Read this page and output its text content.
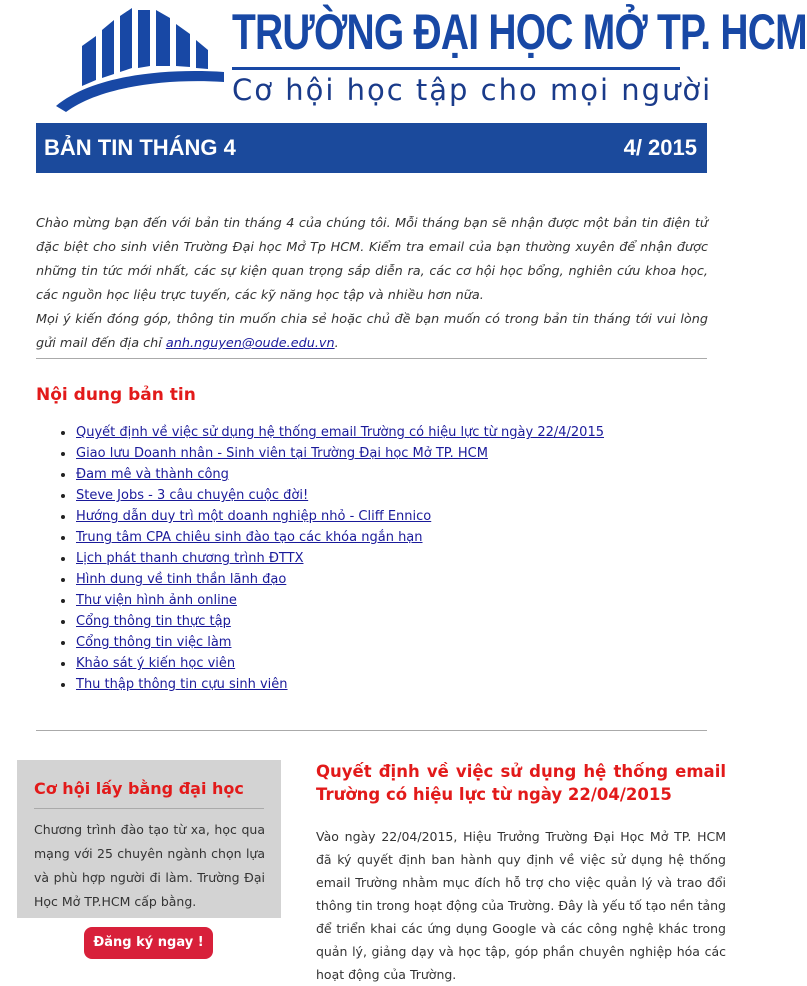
TRƯỜNG ĐẠI HỌC MỞ TP. HCM
Cơ hội học tập cho mọi người
BẢN TIN THÁNG 4	4/ 2015
Chào mừng bạn đến với bản tin tháng 4 của chúng tôi. Mỗi tháng bạn sẽ nhận được một bản tin điện tử đặc biệt cho sinh viên Trường Đại học Mở Tp HCM. Kiểm tra email của bạn thường xuyên để nhận được những tin tức mới nhất, các sự kiện quan trọng sắp diễn ra, các cơ hội học bổng, nghiên cứu khoa học, các nguồn học liệu trực tuyến, các kỹ năng học tập và nhiều hơn nữa.
Mọi ý kiến đóng góp, thông tin muốn chia sẻ hoặc chủ đề bạn muốn có trong bản tin tháng tới vui lòng gửi mail đến địa chỉ anh.nguyen@oude.edu.vn.
Nội dung bản tin
Quyết định về việc sử dụng hệ thống email Trường có hiệu lực từ ngày 22/4/2015
Giao lưu Doanh nhân - Sinh viên tại Trường Đại học Mở TP. HCM
Đam mê và thành công
Steve Jobs - 3 câu chuyện cuộc đời!
Hướng dẫn duy trì một doanh nghiệp nhỏ - Cliff Ennico
Trung tâm CPA chiêu sinh đào tạo các khóa ngắn hạn
Lịch phát thanh chương trình ĐTTX
Hình dung về tinh thần lãnh đạo
Thư viện hình ảnh online
Cổng thông tin thực tập
Cổng thông tin việc làm
Khảo sát ý kiến học viên
Thu thập thông tin cựu sinh viên
Cơ hội lấy bằng đại học
Chương trình đào tạo từ xa, học qua mạng với 25 chuyên ngành chọn lựa và phù hợp người đi làm. Trường Đại Học Mở TP.HCM cấp bằng.
Đăng ký ngay !
Quyết định về việc sử dụng hệ thống email Trường có hiệu lực từ ngày 22/04/2015
Vào ngày 22/04/2015, Hiệu Trưởng Trường Đại Học Mở TP. HCM đã ký quyết định ban hành quy định về việc sử dụng hệ thống email Trường nhằm mục đích hỗ trợ cho việc quản lý và trao đổi thông tin trong hoạt động của Trường. Đây là yếu tố tạo nền tảng để triển khai các ứng dụng Google và các công nghệ khác trong quản lý, giảng dạy và học tập, góp phần chuyên nghiệp hóa các hoạt động của Trường.
